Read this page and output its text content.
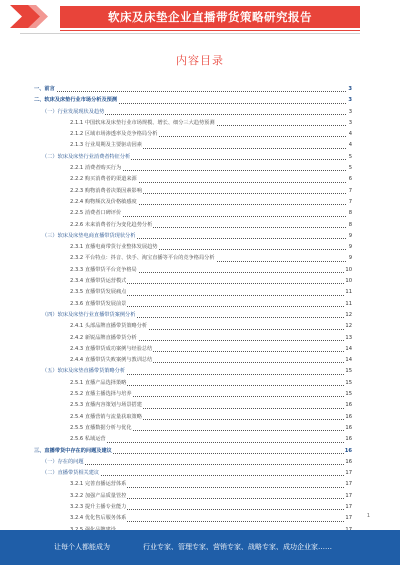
软床及床垫企业直播带货策略研究报告
内容目录
一、前言	3
二、软床及床垫行业市场分析及预测	3
（一）行业发展现状及趋势	3
2.1.1 中国软床及床垫行业市场规模、增长、细分三大趋势预测	3
2.1.2 区域市场渗透率及竞争格局分析	4
2.1.3 行业周期及主要驱动因素	4
（二）软床及床垫行业消费者特征分析	5
2.2.1 消费者购买行为	5
2.2.2 购买消费者的渠道来源	6
2.2.3 购物消费者决策因素影响	7
2.2.4 购物频次及价格敏感度	7
2.2.5 消费者口碑评价	8
2.2.6 未来消费者行为变化趋势分析	8
（三）软床及床垫电商直播带货现状分析	9
2.3.1 直播电商带货行业整体发展趋势	9
2.3.2 平台特点：抖音、快手、淘宝直播等平台的竞争格局分析	9
2.3.3 直播带货平台竞争格局	10
2.3.4 直播带货运营模式	10
2.3.5 直播带货发展痛点	11
2.3.6 直播带货发展前景	11
（四）软床及床垫行业直播带货案例分析	12
2.4.1 头部品牌直播带货策略分析	12
2.4.2 新锐品牌直播带货分析	13
2.4.3 直播带货成功案例与经验总结	14
2.4.4 直播带货失败案例与教训总结	14
（五）软床及床垫直播带货策略分析	15
2.5.1 直播产品选择策略	15
2.5.2 直播主播选择与培养	15
2.5.3 直播内容策划与场景搭建	16
2.5.4 直播营销与流量获取策略	16
2.5.5 直播数据分析与优化	16
2.5.6 私域运营	16
三、直播带货中存在的问题及建议	16
（一）存在的问题	16
（二）直播带货相关建议	17
3.2.1 完善直播运营体系	17
3.2.2 加强产品质量管控	17
3.2.3 提升主播专业能力	17
3.2.4 优化售后服务体系	17	1
让每个人都能成为	行业专家、管理专家、营销专家、战略专家、成功企业家……
